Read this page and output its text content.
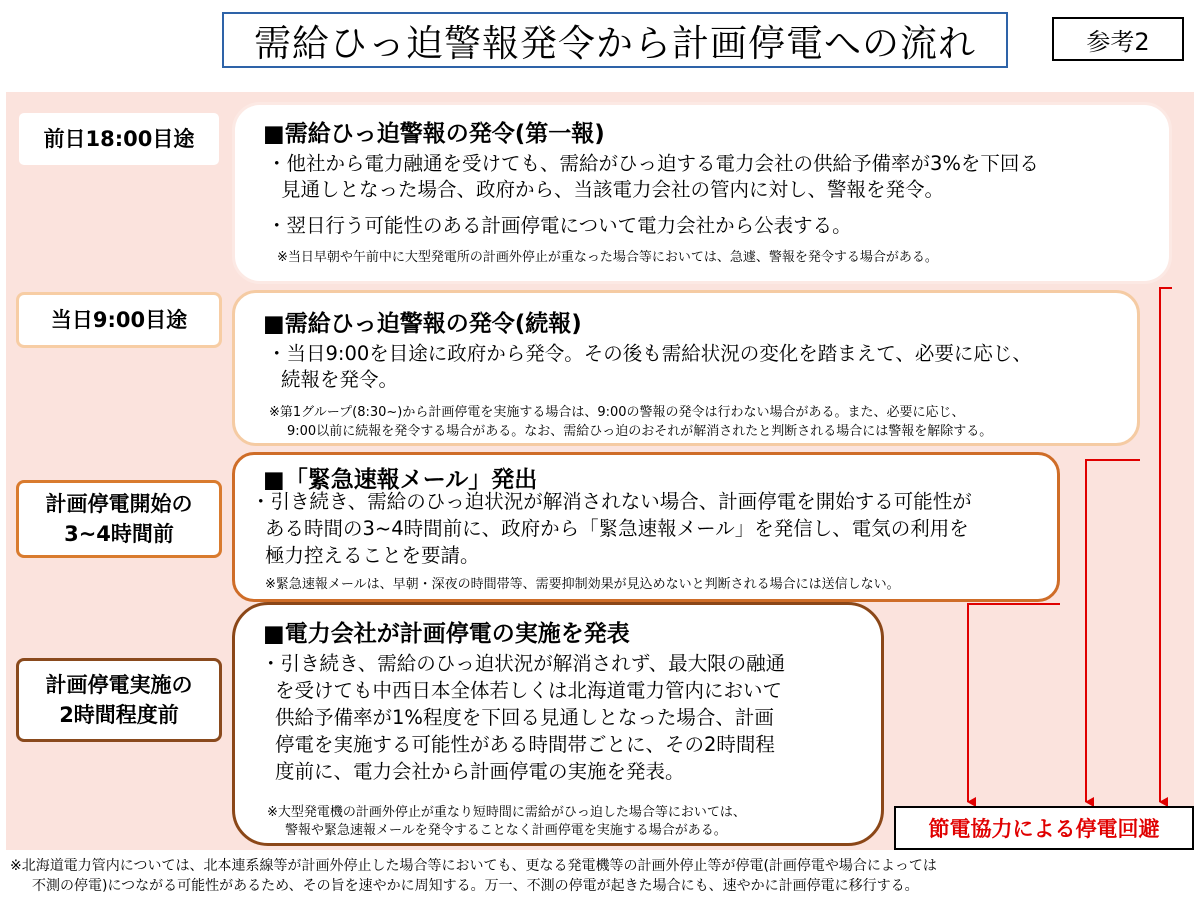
需給ひっ迫警報発令から計画停電への流れ	参考2
前日18:00目途
当日9:00目途
計画停電開始の
3~4時間前
計画停電実施の
2時間程度前
■需給ひっ迫警報の発令(第一報)
・他社から電力融通を受けても、需給がひっ迫する電力会社の供給予備率が3%を下回る
見通しとなった場合、政府から、当該電力会社の管内に対し、警報を発令。
・翌日行う可能性のある計画停電について電力会社から公表する。
※当日早朝や午前中に大型発電所の計画外停止が重なった場合等においては、急遽、警報を発令する場合がある。
■需給ひっ迫警報の発令(続報)
・当日9:00を目途に政府から発令。その後も需給状況の変化を踏まえて、必要に応じ、
続報を発令。
※第1グループ(8:30~)から計画停電を実施する場合は、9:00の警報の発令は行わない場合がある。また、必要に応じ、
9:00以前に続報を発令する場合がある。なお、需給ひっ迫のおそれが解消されたと判断される場合には警報を解除する。
■「緊急速報メール」発出
・引き続き、需給のひっ迫状況が解消されない場合、計画停電を開始する可能性が
ある時間の3~4時間前に、政府から「緊急速報メール」を発信し、電気の利用を
極力控えることを要請。
※緊急速報メールは、早朝・深夜の時間帯等、需要抑制効果が見込めないと判断される場合には送信しない。
■電力会社が計画停電の実施を発表
・引き続き、需給のひっ迫状況が解消されず、最大限の融通
を受けても中西日本全体若しくは北海道電力管内において
供給予備率が1%程度を下回る見通しとなった場合、計画
停電を実施する可能性がある時間帯ごとに、その2時間程
度前に、電力会社から計画停電の実施を発表。
※大型発電機の計画外停止が重なり短時間に需給がひっ迫した場合等においては、
警報や緊急速報メールを発令することなく計画停電を実施する場合がある。	節電協力による停電回避
※北海道電力管内については、北本連系線等が計画外停止した場合等においても、更なる発電機等の計画外停止等が停電(計画停電や場合によっては
不測の停電)につながる可能性があるため、その旨を速やかに周知する。万一、不測の停電が起きた場合にも、速やかに計画停電に移行する。
